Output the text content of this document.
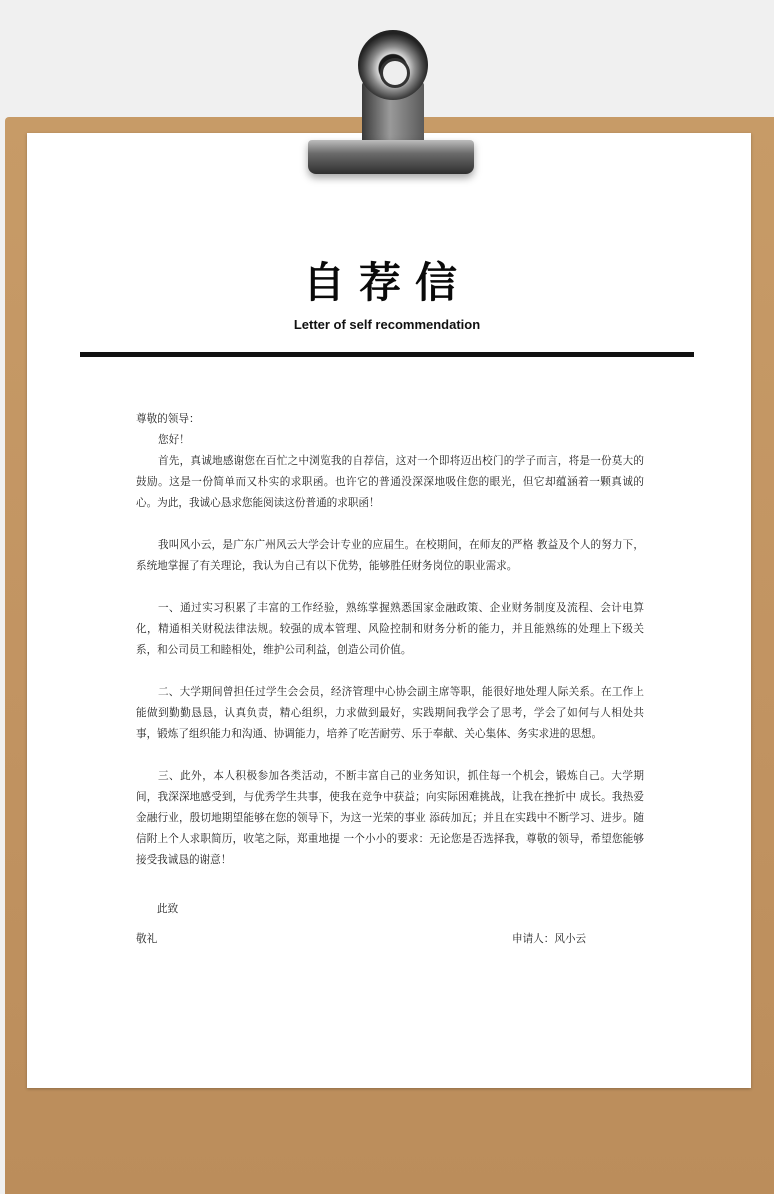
自荐信
Letter of self recommendation

尊敬的领导：

您好！

首先，真诚地感谢您在百忙之中浏览我的自荐信，这对一个即将迈出校门的学子而言，将是一份莫大的鼓励。这是一份简单而又朴实的求职函。也许它的普通没深深地吸住您的眼光，但它却蕴涵着一颗真诚的心。为此，我诚心恳求您能阅读这份普通的求职函！

我叫风小云，是广东广州风云大学会计专业的应届生。在校期间，在师友的严格 教益及个人的努力下，系统地掌握了有关理论，我认为自己有以下优势，能够胜任财务岗位的职业需求。

一、通过实习积累了丰富的工作经验，熟练掌握熟悉国家金融政策、企业财务制度及流程、会计电算化，精通相关财税法律法规。较强的成本管理、风险控制和财务分析的能力，并且能熟练的处理上下级关系，和公司员工和睦相处，维护公司利益，创造公司价值。

二、大学期间曾担任过学生会会员，经济管理中心协会副主席等职，能很好地处理人际关系。在工作上能做到勤勤恳恳，认真负责，精心组织，力求做到最好，实践期间我学会了思考，学会了如何与人相处共事，锻炼了组织能力和沟通、协调能力，培养了吃苦耐劳、乐于奉献、关心集体、务实求进的思想。

三、此外，本人积极参加各类活动，不断丰富自己的业务知识，抓住每一个机会，锻炼自己。大学期间，我深深地感受到，与优秀学生共事，使我在竞争中获益；向实际困难挑战，让我在挫折中 成长。我热爱金融行业，殷切地期望能够在您的领导下，为这一光荣的事业 添砖加瓦；并且在实践中不断学习、进步。随信附上个人求职简历，收笔之际，郑重地提 一个小小的要求：无论您是否选择我，尊敬的领导，希望您能够接受我诚恳的谢意！

此致
敬礼	申请人：风小云
